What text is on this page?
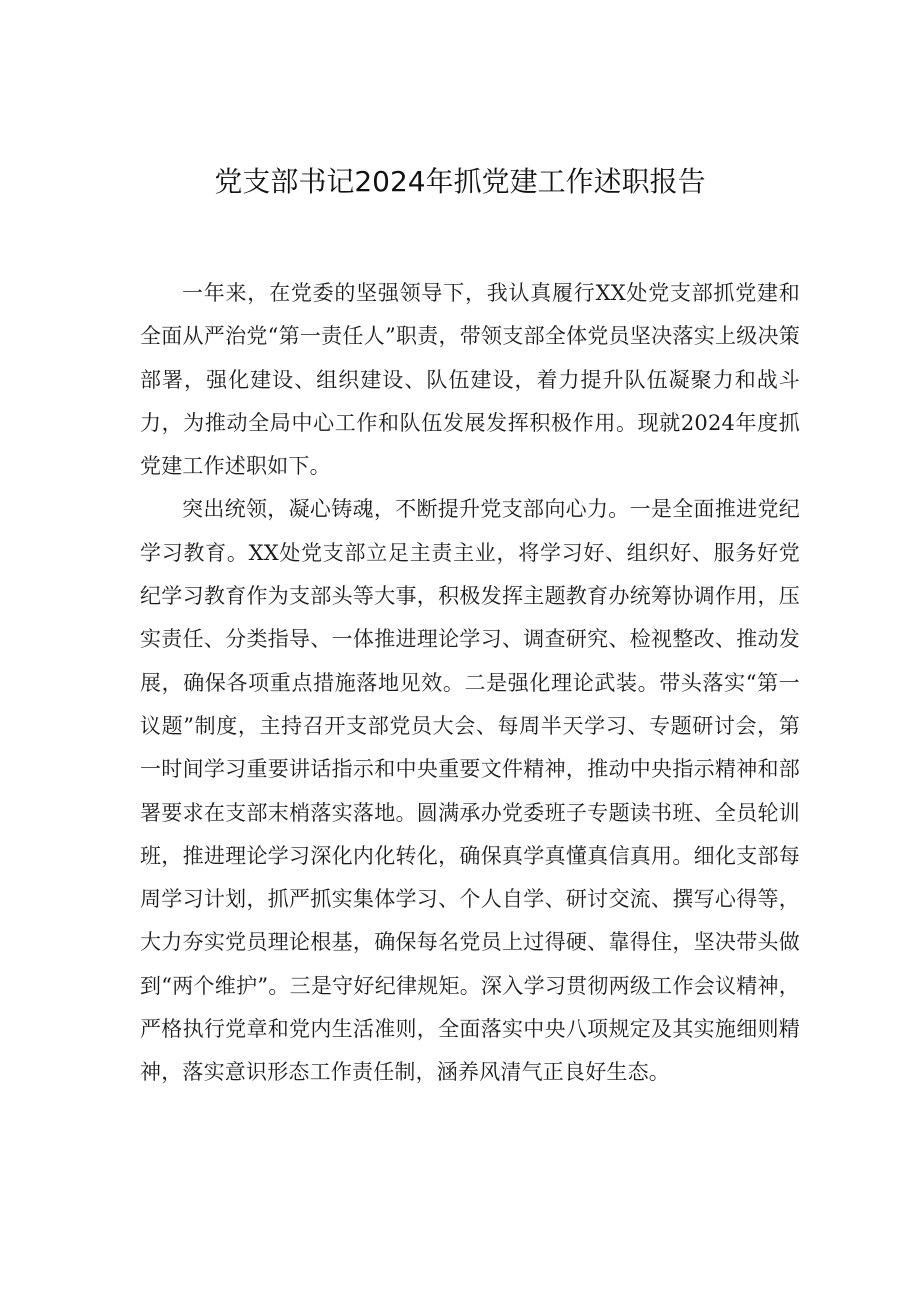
党支部书记2024年抓党建工作述职报告

一年来，在党委的坚强领导下，我认真履行XX处党支部抓党建和全面从严治党“第一责任人”职责，带领支部全体党员坚决落实上级决策部署，强化建设、组织建设、队伍建设，着力提升队伍凝聚力和战斗力，为推动全局中心工作和队伍发展发挥积极作用。现就2024年度抓党建工作述职如下。

突出统领，凝心铸魂，不断提升党支部向心力。一是全面推进党纪学习教育。XX处党支部立足主责主业，将学习好、组织好、服务好党纪学习教育作为支部头等大事，积极发挥主题教育办统筹协调作用，压实责任、分类指导、一体推进理论学习、调查研究、检视整改、推动发展，确保各项重点措施落地见效。二是强化理论武装。带头落实“第一议题”制度，主持召开支部党员大会、每周半天学习、专题研讨会，第一时间学习重要讲话指示和中央重要文件精神，推动中央指示精神和部署要求在支部末梢落实落地。圆满承办党委班子专题读书班、全员轮训班，推进理论学习深化内化转化，确保真学真懂真信真用。细化支部每周学习计划，抓严抓实集体学习、个人自学、研讨交流、撰写心得等，大力夯实党员理论根基，确保每名党员上过得硬、靠得住，坚决带头做到“两个维护”。三是守好纪律规矩。深入学习贯彻两级工作会议精神，严格执行党章和党内生活准则，全面落实中央八项规定及其实施细则精神，落实意识形态工作责任制，涵养风清气正良好生态。
